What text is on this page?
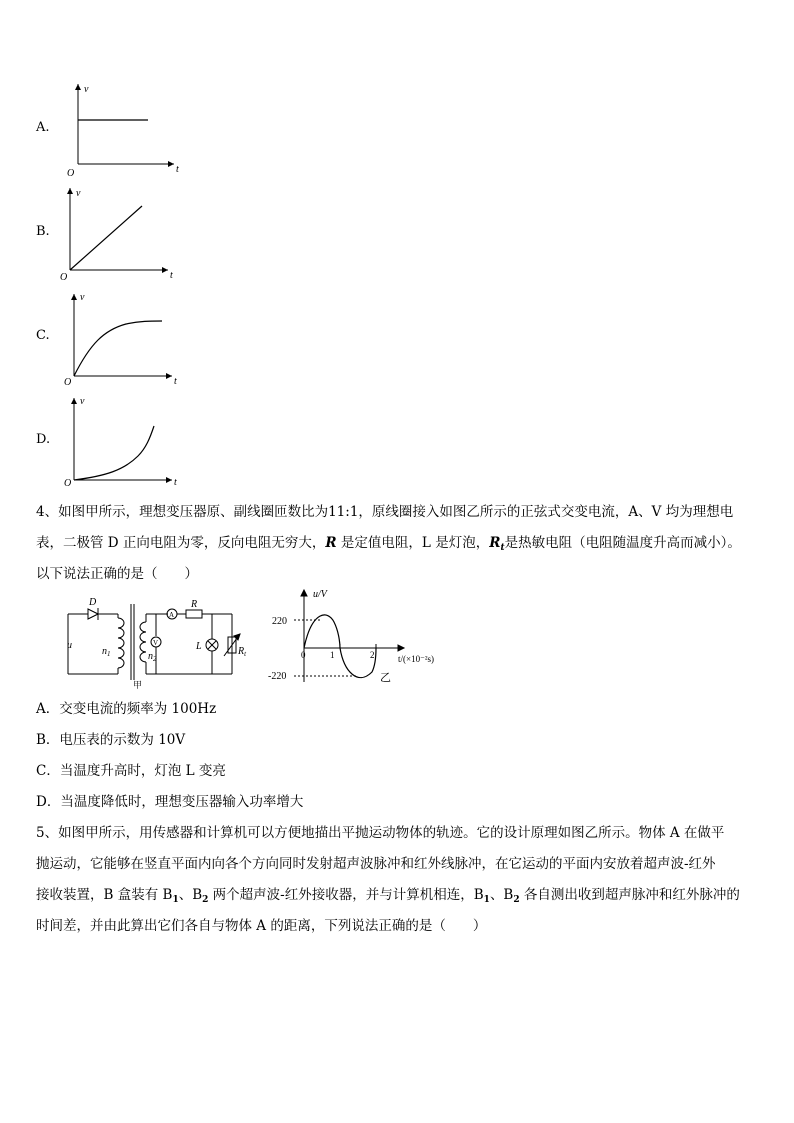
A.
v
t
O
B.
v
t
O
C.
v
t
O
D.
v
t
O
4、如图甲所示，理想变压器原、副线圈匝数比为11:1，原线圈接入如图乙所示的正弦式交变电流，A、V 均为理想电
表，二极管 D 正向电阻为零，反向电阻无穷大，R 是定值电阻，L 是灯泡，$R_t$是热敏电阻（电阻随温度升高而减小）。
以下说法正确的是（　　）
D
u
$n_1$	$n_2$
A
V
R
L	$R_t$
甲
u/V
220
-220
0	1	2	t/(×10⁻²s)
乙
A．交变电流的频率为 100Hz
B．电压表的示数为 10V
C．当温度升高时，灯泡 L 变亮
D．当温度降低时，理想变压器输入功率增大
5、如图甲所示，用传感器和计算机可以方便地描出平抛运动物体的轨迹。它的设计原理如图乙所示。物体 A 在做平
抛运动，它能够在竖直平面内向各个方向同时发射超声波脉冲和红外线脉冲，在它运动的平面内安放着超声波-红外
接收装置，B 盒装有 $B_1$、$B_2$ 两个超声波-红外接收器，并与计算机相连，$B_1$、$B_2$ 各自测出收到超声脉冲和红外脉冲的
时间差，并由此算出它们各自与物体 A 的距离，下列说法正确的是（　　）
